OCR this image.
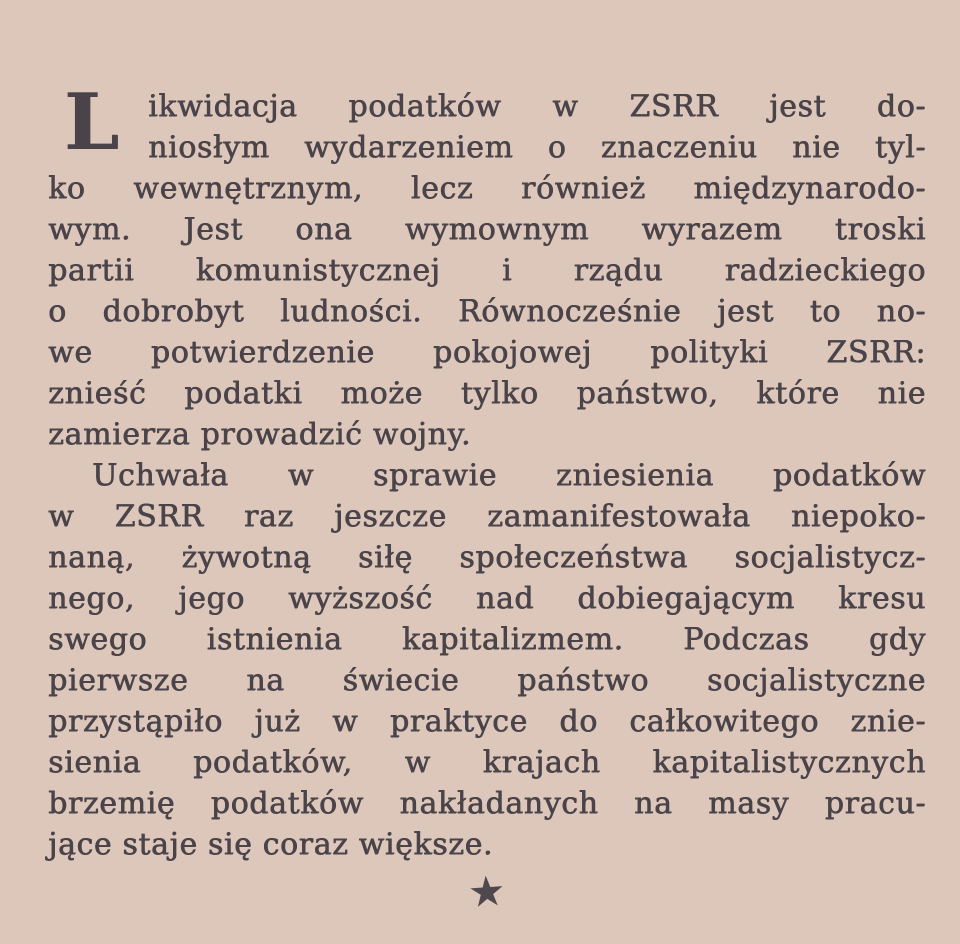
L ikwidacja podatków w ZSRR jest do-
niosłym wydarzeniem o znaczeniu nie tyl-
ko wewnętrznym, lecz również międzynarodo-
wym. Jest ona wymownym wyrazem troski
partii komunistycznej i rządu radzieckiego
o dobrobyt ludności. Równocześnie jest to no-
we potwierdzenie pokojowej polityki ZSRR:
znieść podatki może tylko państwo, które nie
zamierza prowadzić wojny.
Uchwała w sprawie zniesienia podatków
w ZSRR raz jeszcze zamanifestowała niepoko-
naną, żywotną siłę społeczeństwa socjalistycz-
nego, jego wyższość nad dobiegającym kresu
swego istnienia kapitalizmem. Podczas gdy
pierwsze na świecie państwo socjalistyczne
przystąpiło już w praktyce do całkowitego znie-
sienia podatków, w krajach kapitalistycznych
brzemię podatków nakładanych na masy pracu-
jące staje się coraz większe.
★
